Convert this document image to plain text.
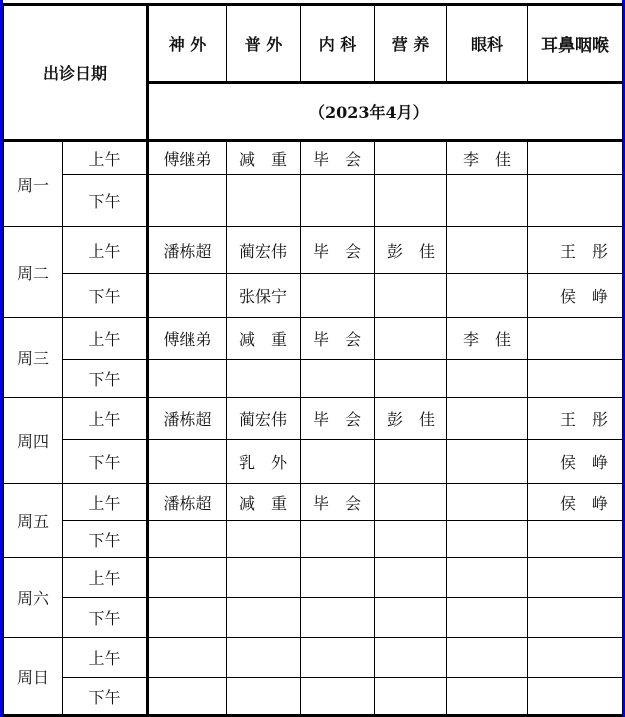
出诊日期		神 外	普 外	内 科	营 养	眼科	耳鼻咽喉
		（2023年4月）					
周一	上午	傅继弟	减　重	毕　会		李　佳	
	下午						
周二	上午	潘栋超	蔺宏伟	毕　会	彭　佳		王　彤
	下午		张保宁				侯　峥
周三	上午	傅继弟	减　重	毕　会		李　佳	
	下午						
周四	上午	潘栋超	蔺宏伟	毕　会	彭　佳		王　彤
	下午		乳　外				侯　峥
周五	上午	潘栋超	减　重	毕　会			侯　峥
	下午						
周六	上午						
	下午						
周日	上午						
	下午						
